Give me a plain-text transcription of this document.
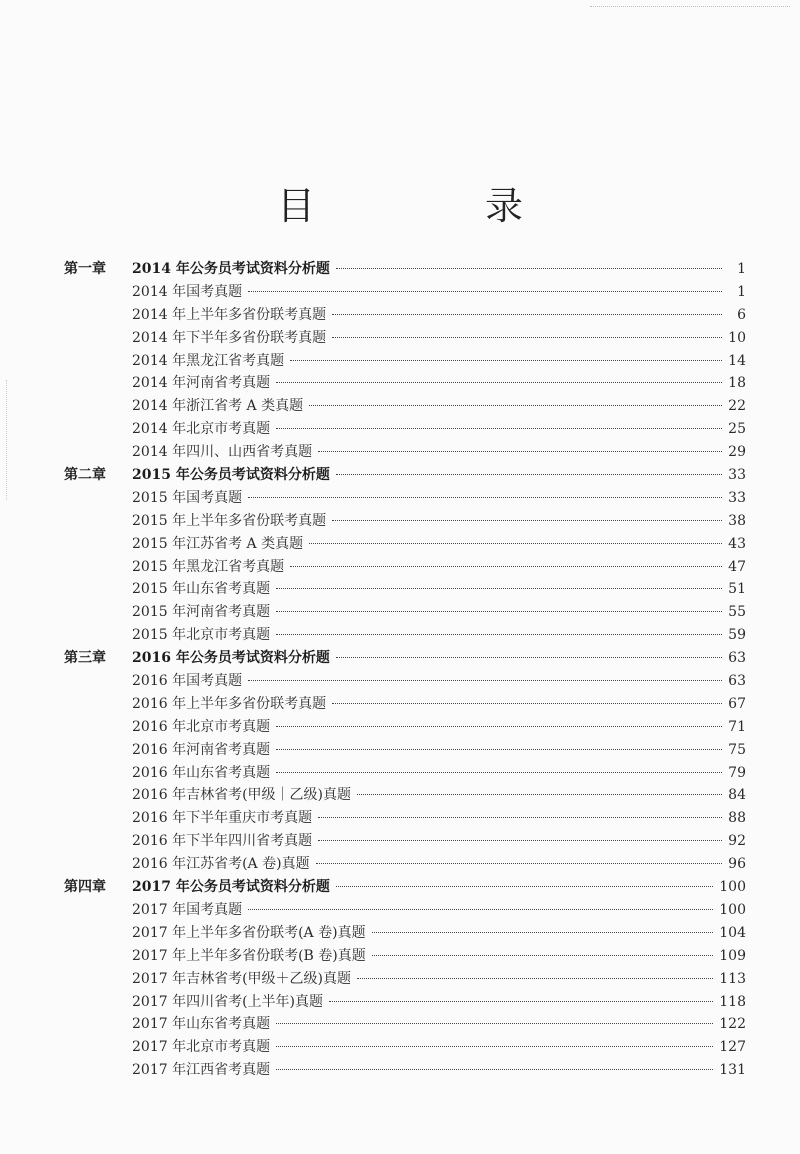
目　录
第一章	2014 年公务员考试资料分析题	1
2014 年国考真题	1
2014 年上半年多省份联考真题	6
2014 年下半年多省份联考真题	10
2014 年黑龙江省考真题	14
2014 年河南省考真题	18
2014 年浙江省考 A 类真题	22
2014 年北京市考真题	25
2014 年四川、山西省考真题	29
第二章	2015 年公务员考试资料分析题	33
2015 年国考真题	33
2015 年上半年多省份联考真题	38
2015 年江苏省考 A 类真题	43
2015 年黑龙江省考真题	47
2015 年山东省考真题	51
2015 年河南省考真题	55
2015 年北京市考真题	59
第三章	2016 年公务员考试资料分析题	63
2016 年国考真题	63
2016 年上半年多省份联考真题	67
2016 年北京市考真题	71
2016 年河南省考真题	75
2016 年山东省考真题	79
2016 年吉林省考(甲级｜乙级)真题	84
2016 年下半年重庆市考真题	88
2016 年下半年四川省考真题	92
2016 年江苏省考(A 卷)真题	96
第四章	2017 年公务员考试资料分析题	100
2017 年国考真题	100
2017 年上半年多省份联考(A 卷)真题	104
2017 年上半年多省份联考(B 卷)真题	109
2017 年吉林省考(甲级＋乙级)真题	113
2017 年四川省考(上半年)真题	118
2017 年山东省考真题	122
2017 年北京市考真题	127
2017 年江西省考真题	131
